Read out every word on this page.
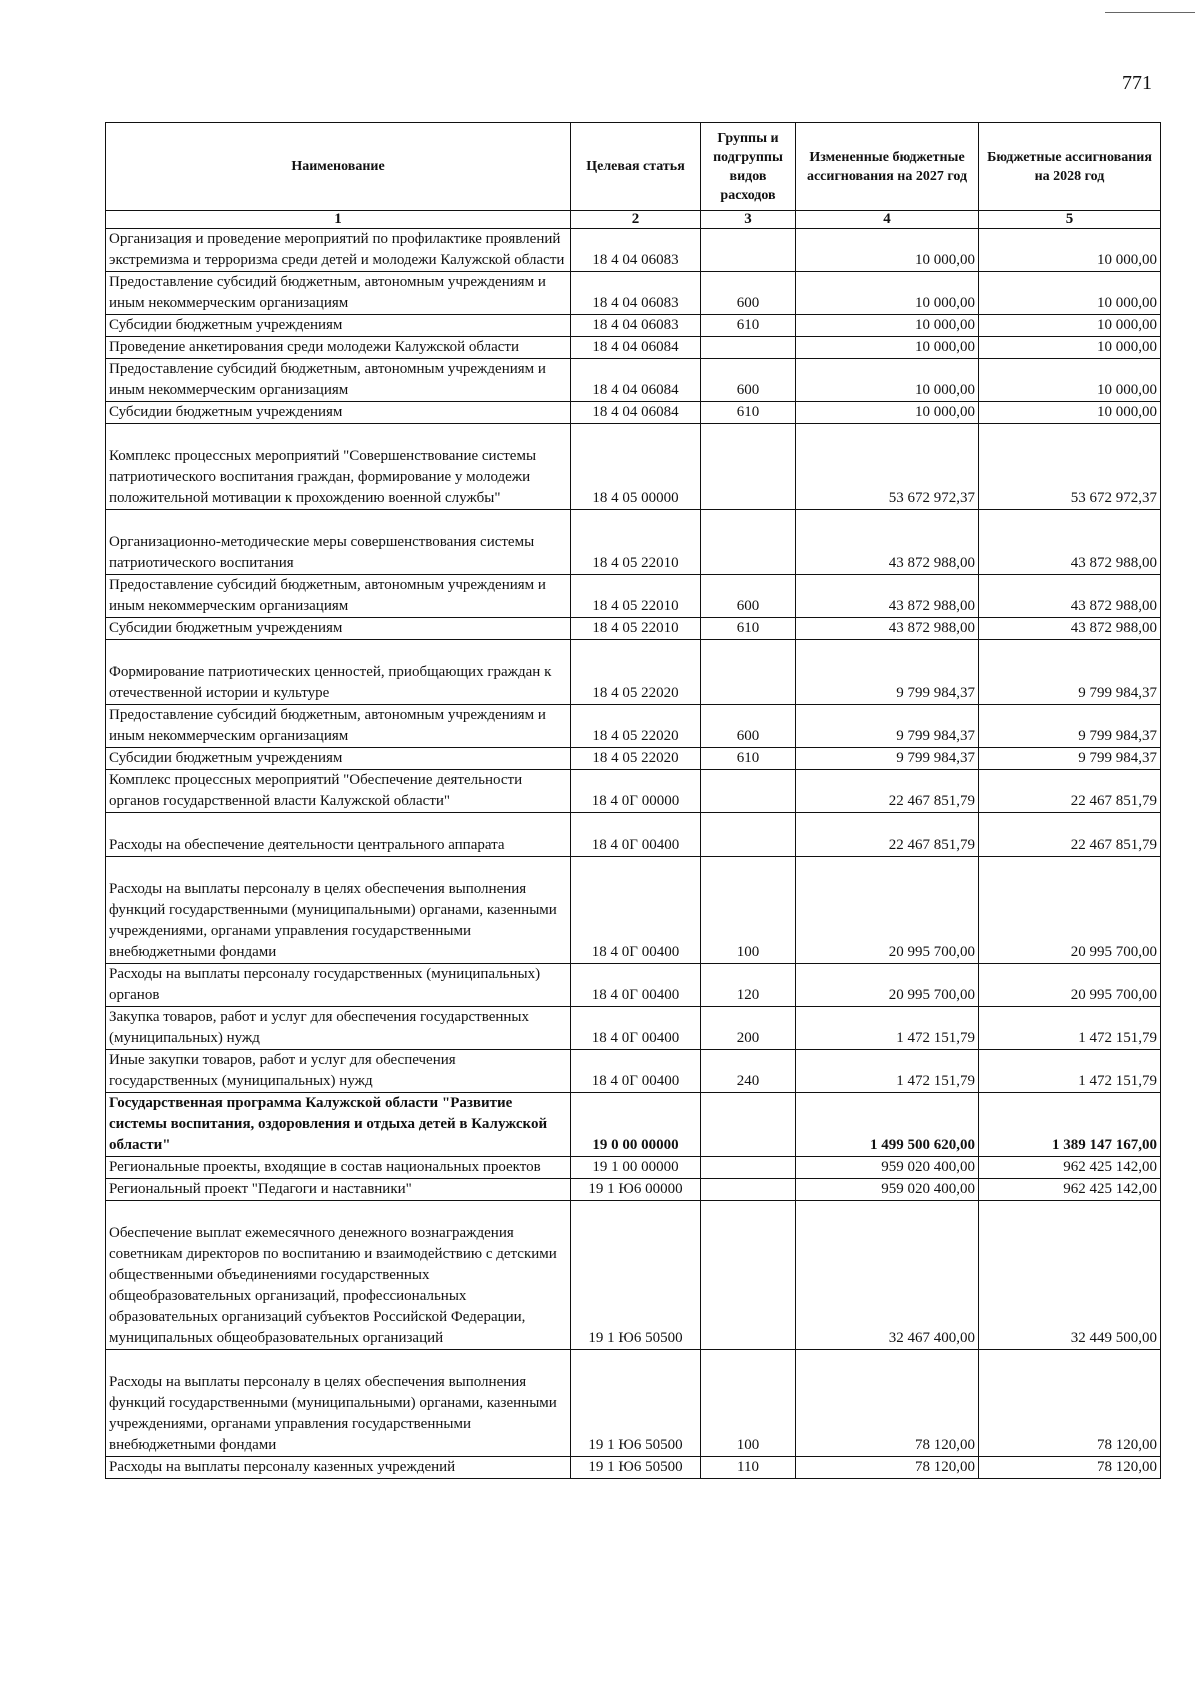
771
Наименование	Целевая статья	Группы и подгруппы видов расходов	Измененные бюджетные ассигнования на 2027 год	Бюджетные ассигнования на 2028 год
1	2	3	4	5
Организация и проведение мероприятий по профилактике проявлений экстремизма и терроризма среди детей и молодежи Калужской области	18 4 04 06083		10 000,00	10 000,00
Предоставление субсидий бюджетным, автономным учреждениям и иным некоммерческим организациям	18 4 04 06083	600	10 000,00	10 000,00
Субсидии бюджетным учреждениям	18 4 04 06083	610	10 000,00	10 000,00
Проведение анкетирования среди молодежи Калужской области	18 4 04 06084		10 000,00	10 000,00
Предоставление субсидий бюджетным, автономным учреждениям и иным некоммерческим организациям	18 4 04 06084	600	10 000,00	10 000,00
Субсидии бюджетным учреждениям	18 4 04 06084	610	10 000,00	10 000,00
Комплекс процессных мероприятий "Совершенствование системы патриотического воспитания граждан, формирование у молодежи положительной мотивации к прохождению военной службы"	18 4 05 00000		53 672 972,37	53 672 972,37
Организационно-методические меры совершенствования системы патриотического воспитания	18 4 05 22010		43 872 988,00	43 872 988,00
Предоставление субсидий бюджетным, автономным учреждениям и иным некоммерческим организациям	18 4 05 22010	600	43 872 988,00	43 872 988,00
Субсидии бюджетным учреждениям	18 4 05 22010	610	43 872 988,00	43 872 988,00
Формирование патриотических ценностей, приобщающих граждан к отечественной истории и культуре	18 4 05 22020		9 799 984,37	9 799 984,37
Предоставление субсидий бюджетным, автономным учреждениям и иным некоммерческим организациям	18 4 05 22020	600	9 799 984,37	9 799 984,37
Субсидии бюджетным учреждениям	18 4 05 22020	610	9 799 984,37	9 799 984,37
Комплекс процессных мероприятий "Обеспечение деятельности органов государственной власти Калужской области"	18 4 0Г 00000		22 467 851,79	22 467 851,79
Расходы на обеспечение деятельности центрального аппарата	18 4 0Г 00400		22 467 851,79	22 467 851,79
Расходы на выплаты персоналу в целях обеспечения выполнения функций государственными (муниципальными) органами, казенными учреждениями, органами управления государственными внебюджетными фондами	18 4 0Г 00400	100	20 995 700,00	20 995 700,00
Расходы на выплаты персоналу государственных (муниципальных) органов	18 4 0Г 00400	120	20 995 700,00	20 995 700,00
Закупка товаров, работ и услуг для обеспечения государственных (муниципальных) нужд	18 4 0Г 00400	200	1 472 151,79	1 472 151,79
Иные закупки товаров, работ и услуг для обеспечения государственных (муниципальных) нужд	18 4 0Г 00400	240	1 472 151,79	1 472 151,79
Государственная программа Калужской области "Развитие системы воспитания, оздоровления и отдыха детей в Калужской области"	19 0 00 00000		1 499 500 620,00	1 389 147 167,00
Региональные проекты, входящие в состав национальных проектов	19 1 00 00000		959 020 400,00	962 425 142,00
Региональный проект "Педагоги и наставники"	19 1 Ю6 00000		959 020 400,00	962 425 142,00
Обеспечение выплат ежемесячного денежного вознаграждения советникам директоров по воспитанию и взаимодействию с детскими общественными объединениями государственных общеобразовательных организаций, профессиональных образовательных организаций субъектов Российской Федерации, муниципальных общеобразовательных организаций	19 1 Ю6 50500		32 467 400,00	32 449 500,00
Расходы на выплаты персоналу в целях обеспечения выполнения функций государственными (муниципальными) органами, казенными учреждениями, органами управления государственными внебюджетными фондами	19 1 Ю6 50500	100	78 120,00	78 120,00
Расходы на выплаты персоналу казенных учреждений	19 1 Ю6 50500	110	78 120,00	78 120,00
